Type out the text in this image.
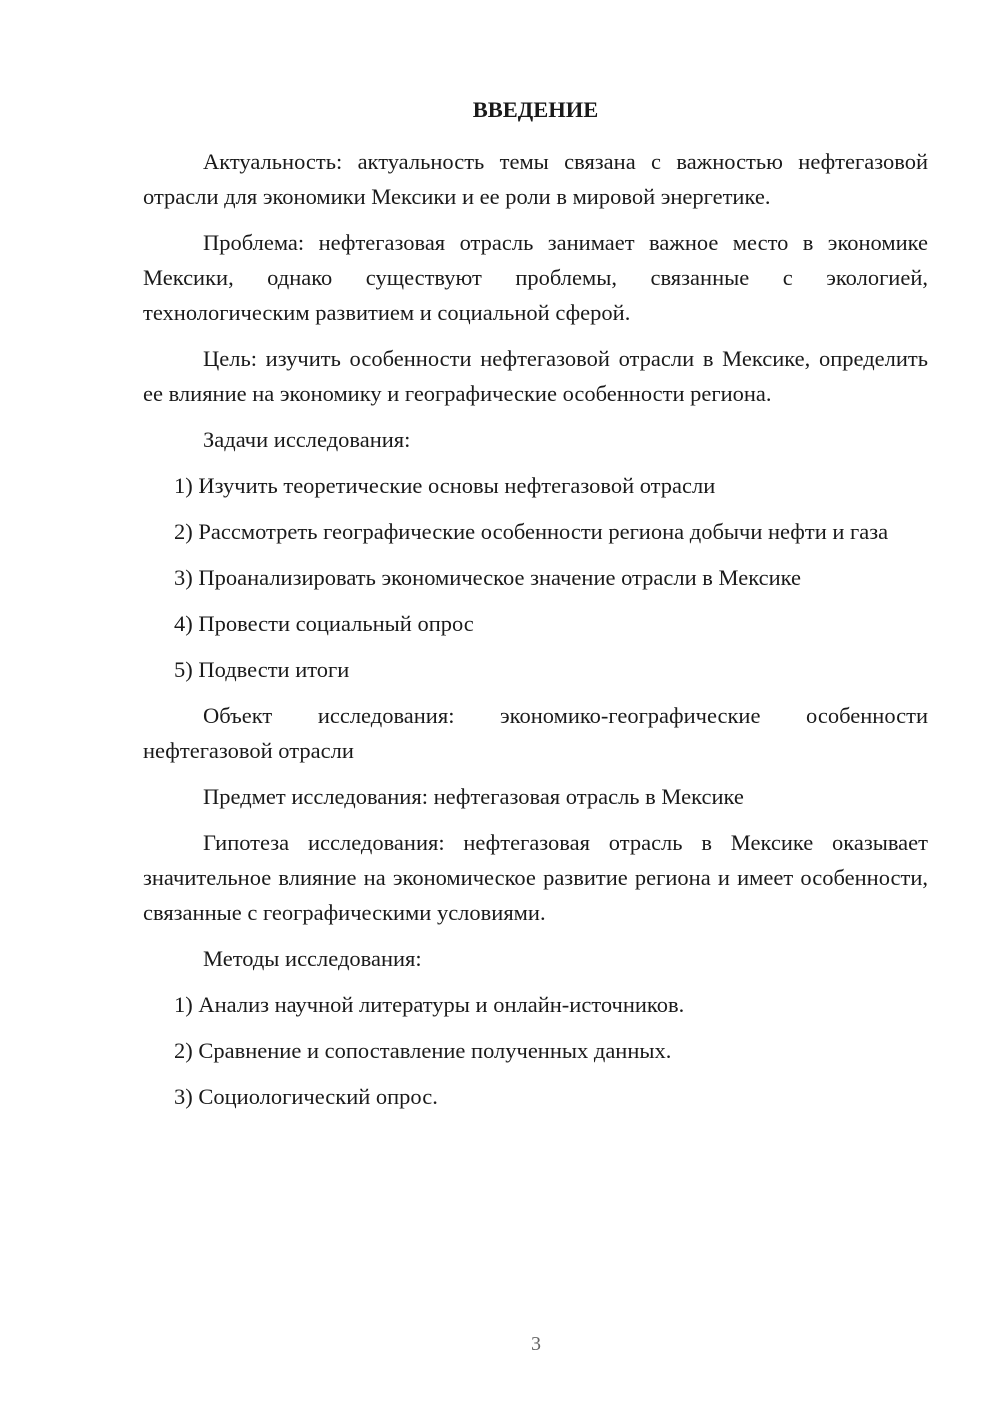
ВВЕДЕНИЕ

Актуальность: актуальность темы связана с важностью нефтегазовой отрасли для экономики Мексики и ее роли в мировой энергетике.

Проблема: нефтегазовая отрасль занимает важное место в экономике Мексики, однако существуют проблемы, связанные с экологией, технологическим развитием и социальной сферой.

Цель: изучить особенности нефтегазовой отрасли в Мексике, определить ее влияние на экономику и географические особенности региона.

Задачи исследования:

1) Изучить теоретические основы нефтегазовой отрасли

2) Рассмотреть географические особенности региона добычи нефти и газа

3) Проанализировать экономическое значение отрасли в Мексике

4) Провести социальный опрос

5) Подвести итоги

Объект исследования: экономико-географические особенности нефтегазовой отрасли

Предмет исследования: нефтегазовая отрасль в Мексике

Гипотеза исследования: нефтегазовая отрасль в Мексике оказывает значительное влияние на экономическое развитие региона и имеет особенности, связанные с географическими условиями.

Методы исследования:

1) Анализ научной литературы и онлайн-источников.

2) Сравнение и сопоставление полученных данных.

3) Социологический опрос.

3
